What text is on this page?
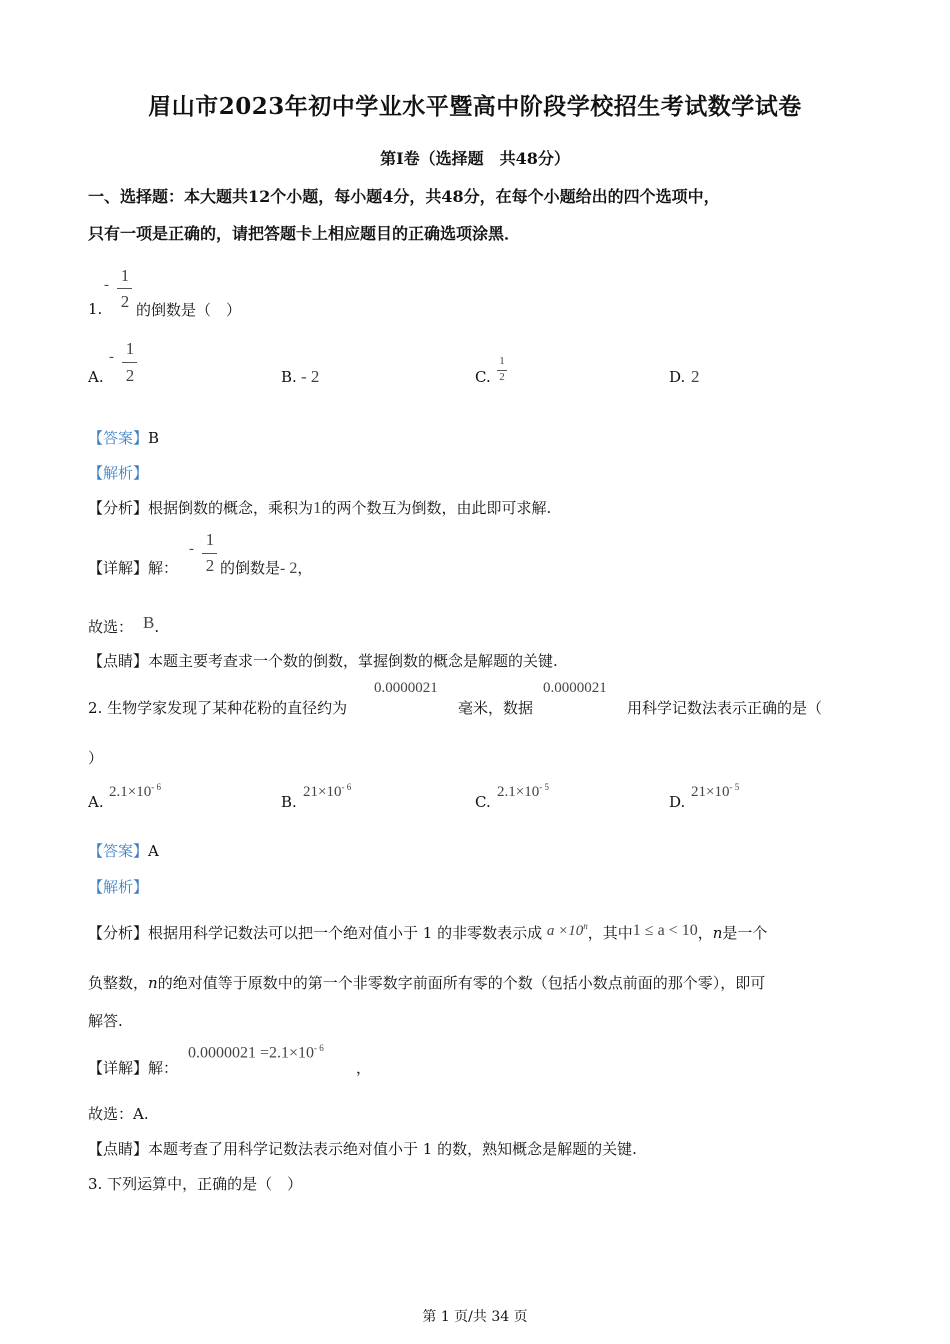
眉山市2023年初中学业水平暨高中阶段学校招生考试数学试卷
第I卷（选择题　共48分）
一、选择题：本大题共12个小题，每小题4分，共48分，在每个小题给出的四个选项中，
只有一项是正确的，请把答题卡上相应题目的正确选项涂黑．
1.
- 1
2 的倒数是（　）
A.
- 1
2	B. - 2	C.
1
2	D. 2
【答案】B
【解析】
【分析】根据倒数的概念，乘积为1的两个数互为倒数，由此即可求解.
【详解】解：
- 1
2 的倒数是- 2，
故选： B.
【点睛】本题主要考查求一个数的倒数，掌握倒数的概念是解题的关键.
2. 生物学家发现了某种花粉的直径约为
0.0000021
毫米，数据
0.0000021
用科学记数法表示正确的是（
）
A.
$2.1\times 10^{- 6}$
B.
$21\times 10^{- 6}$
C.
$2.1\times 10^{- 5}$
D.
$21\times 10^{- 5}$
【答案】A
【解析】
【分析】根据用科学记数法可以把一个绝对值小于 1 的非零数表示成 $a \times 10^n$，其中1 ≤ a < 10，n是一个
负整数，n的绝对值等于原数中的第一个非零数字前面所有零的个数（包括小数点前面的那个零），即可
解答.
【详解】解：
$0.0000021 =2.1\times 10^{- 6}$
，
故选：A.
【点睛】本题考查了用科学记数法表示绝对值小于 1 的数，熟知概念是解题的关键.
3. 下列运算中，正确的是（　）
第 1 页/共 34 页
